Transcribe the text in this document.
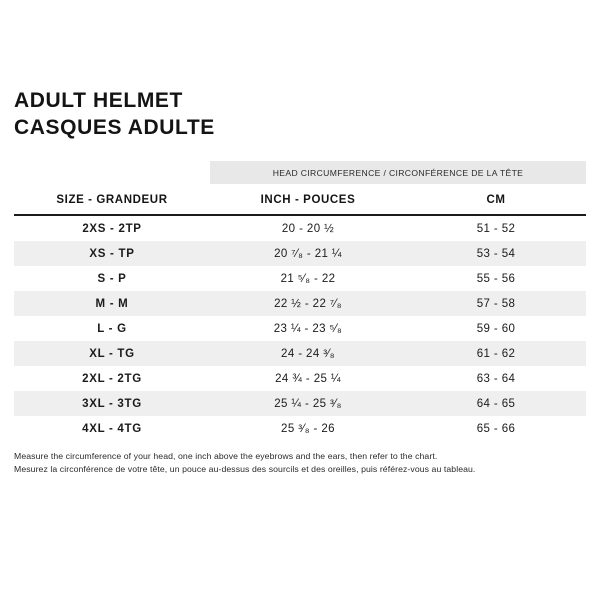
ADULT HELMET
CASQUES ADULTE
	HEAD CIRCUMFERENCE / CIRCONFÉRENCE DE LA TÊTE	
SIZE - GRANDEUR	INCH - POUCES	CM
2XS - 2TP	20 - 20 ½	51 - 52
XS - TP	20 ⁷⁄₈ - 21 ¼	53 - 54
S - P	21 ⁵⁄₈ - 22	55 - 56
M - M	22 ½ - 22 ⁷⁄₈	57 - 58
L - G	23 ¼ - 23 ⁵⁄₈	59 - 60
XL - TG	24 - 24 ³⁄₈	61 - 62
2XL - 2TG	24 ¾ - 25 ¼	63 - 64
3XL - 3TG	25 ¼ - 25 ³⁄₈	64 - 65
4XL - 4TG	25 ³⁄₈ - 26	65 - 66
Measure the circumference of your head, one inch above the eyebrows and the ears, then refer to the chart.
Mesurez la circonférence de votre tête, un pouce au-dessus des sourcils et des oreilles, puis référez-vous au tableau.
